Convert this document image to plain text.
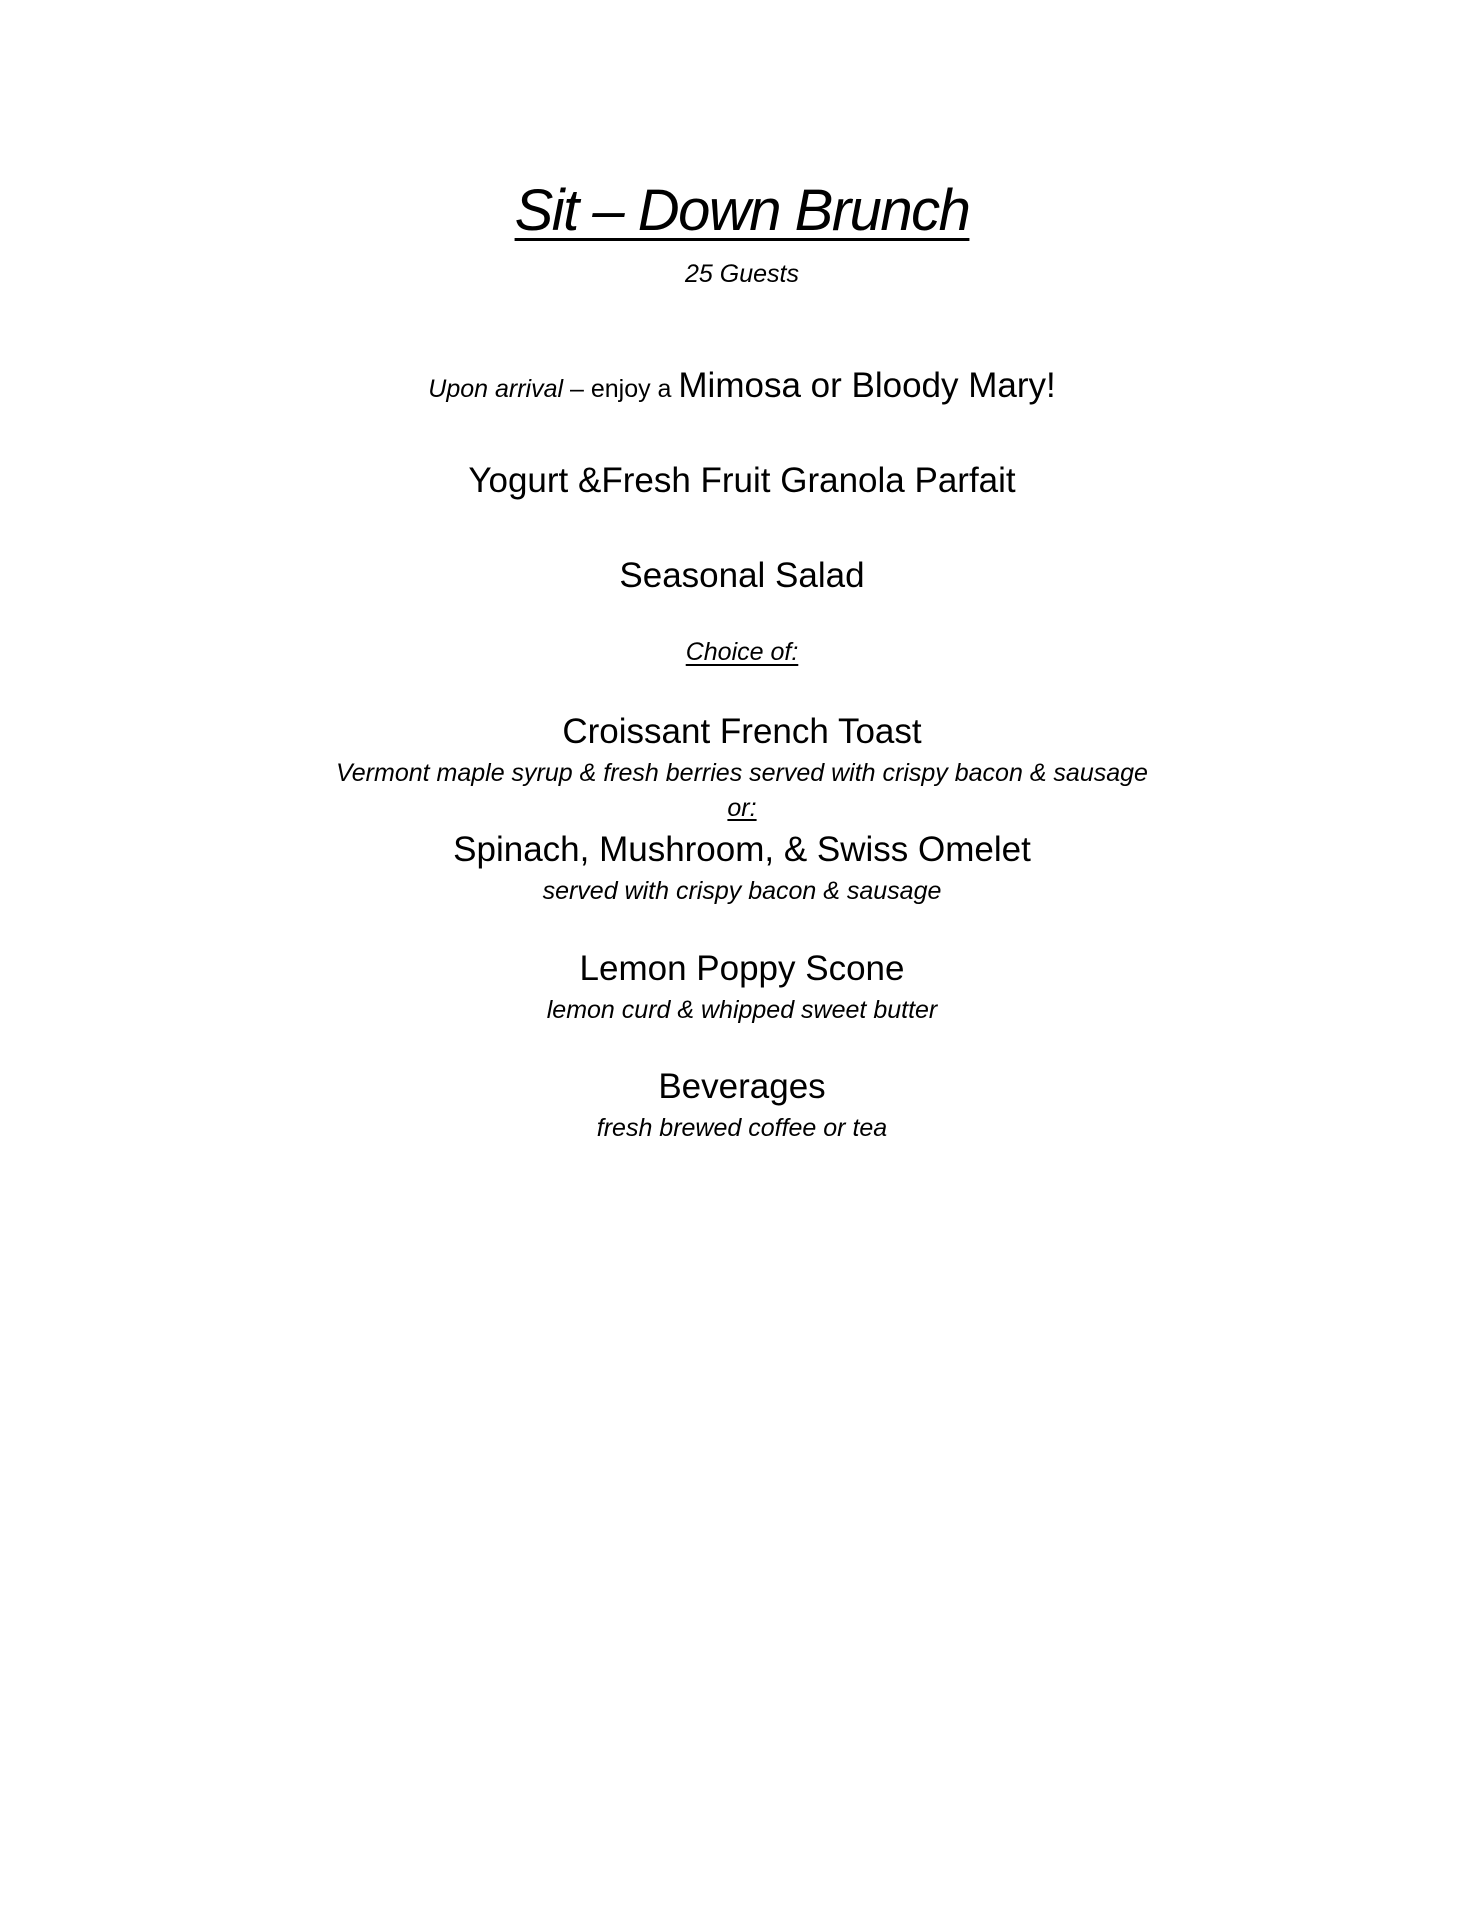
Sit – Down Brunch
25 Guests
Upon arrival – enjoy a Mimosa or Bloody Mary!
Yogurt &Fresh Fruit Granola Parfait
Seasonal Salad
Choice of:
Croissant French Toast
Vermont maple syrup & fresh berries served with crispy bacon & sausage
or:
Spinach, Mushroom, & Swiss Omelet
served with crispy bacon & sausage
Lemon Poppy Scone
lemon curd & whipped sweet butter
Beverages
fresh brewed coffee or tea
